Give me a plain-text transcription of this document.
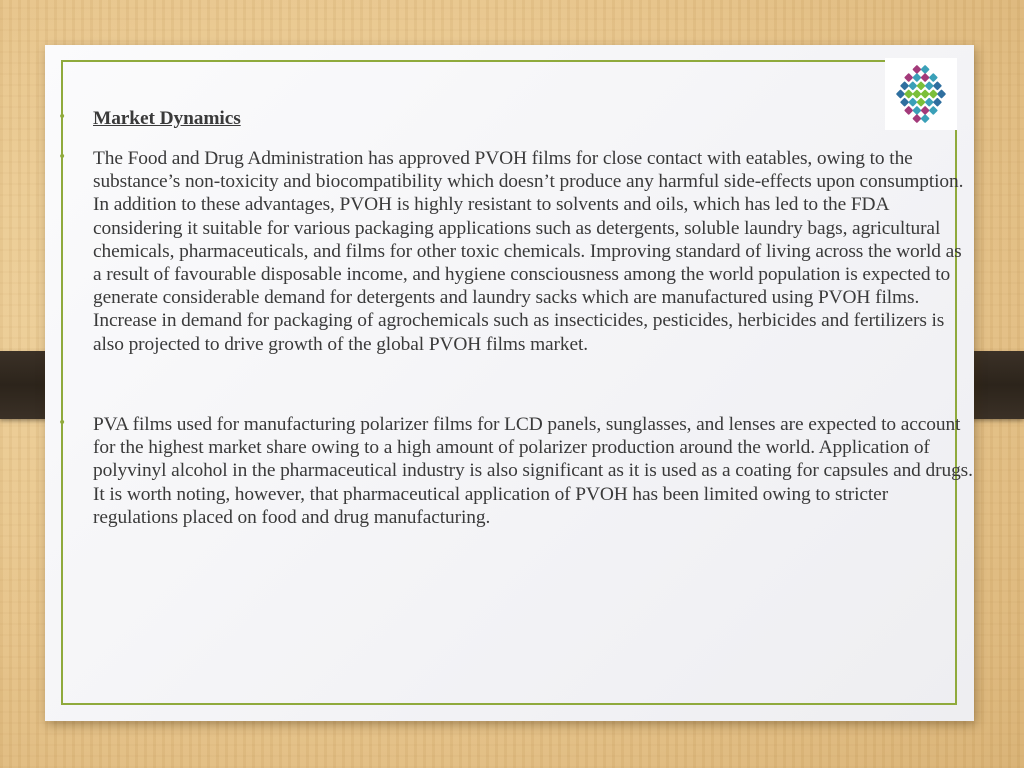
• Market Dynamics
• The Food and Drug Administration has approved PVOH films for close contact with eatables, owing to the substance’s non-toxicity and biocompatibility which doesn’t produce any harmful side-effects upon consumption. In addition to these advantages, PVOH is highly resistant to solvents and oils, which has led to the FDA considering it suitable for various packaging applications such as detergents, soluble laundry bags, agricultural chemicals, pharmaceuticals, and films for other toxic chemicals. Improving standard of living across the world as a result of favourable disposable income, and hygiene consciousness among the world population is expected to generate considerable demand for detergents and laundry sacks which are manufactured using PVOH films. Increase in demand for packaging of agrochemicals such as insecticides, pesticides, herbicides and fertilizers is also projected to drive growth of the global PVOH films market.
• PVA films used for manufacturing polarizer films for LCD panels, sunglasses, and lenses are expected to account for the highest market share owing to a high amount of polarizer production around the world. Application of polyvinyl alcohol in the pharmaceutical industry is also significant as it is used as a coating for capsules and drugs. It is worth noting, however, that pharmaceutical application of PVOH has been limited owing to stricter regulations placed on food and drug manufacturing.
